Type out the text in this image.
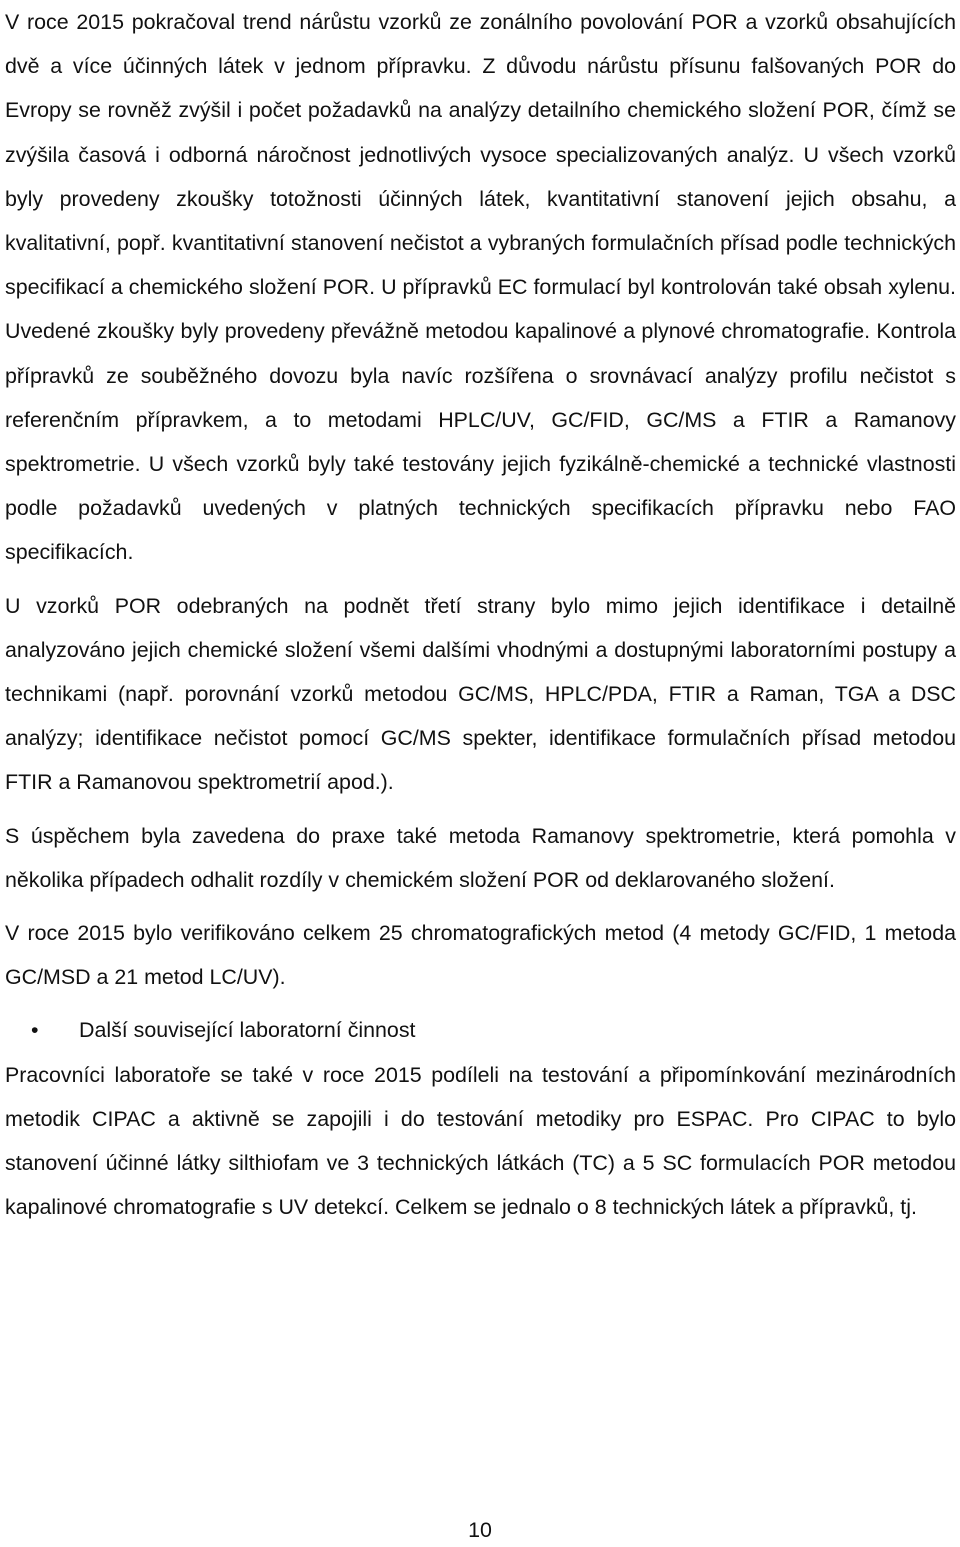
V roce 2015 pokračoval trend nárůstu vzorků ze zonálního povolování POR a vzorků obsahujících dvě a více účinných látek v jednom přípravku. Z důvodu nárůstu přísunu falšovaných POR do Evropy se rovněž zvýšil i počet požadavků na analýzy detailního chemického složení POR, čímž se zvýšila časová i odborná náročnost jednotlivých vysoce specializovaných analýz. U všech vzorků byly provedeny zkoušky totožnosti účinných látek, kvantitativní stanovení jejich obsahu, a kvalitativní, popř. kvantitativní stanovení nečistot a vybraných formulačních přísad podle technických specifikací a chemického složení POR. U přípravků EC formulací byl kontrolován také obsah xylenu. Uvedené zkoušky byly provedeny převážně metodou kapalinové a plynové chromatografie. Kontrola přípravků ze souběžného dovozu byla navíc rozšířena o srovnávací analýzy profilu nečistot s referenčním přípravkem, a to metodami HPLC/UV, GC/FID, GC/MS a FTIR a Ramanovy spektrometrie. U všech vzorků byly také testovány jejich fyzikálně-chemické a technické vlastnosti podle požadavků uvedených v platných technických specifikacích přípravku nebo FAO specifikacích.

U vzorků POR odebraných na podnět třetí strany bylo mimo jejich identifikace i detailně analyzováno jejich chemické složení všemi dalšími vhodnými a dostupnými laboratorními postupy a technikami (např. porovnání vzorků metodou GC/MS, HPLC/PDA, FTIR a Raman, TGA a DSC analýzy; identifikace nečistot pomocí GC/MS spekter, identifikace formulačních přísad metodou FTIR a Ramanovou spektrometrií apod.).

S úspěchem byla zavedena do praxe také metoda Ramanovy spektrometrie, která pomohla v několika případech odhalit rozdíly v chemickém složení POR od deklarovaného složení.

V roce 2015 bylo verifikováno celkem 25 chromatografických metod (4 metody GC/FID, 1 metoda GC/MSD a 21 metod LC/UV).

•	Další související laboratorní činnost

Pracovníci laboratoře se také v roce 2015 podíleli na testování a připomínkování mezinárodních metodik CIPAC a aktivně se zapojili i do testování metodiky pro ESPAC. Pro CIPAC to bylo stanovení účinné látky silthiofam ve 3 technických látkách (TC) a 5 SC formulacích POR metodou kapalinové chromatografie s UV detekcí. Celkem se jednalo o 8 technických látek a přípravků, tj.

10
